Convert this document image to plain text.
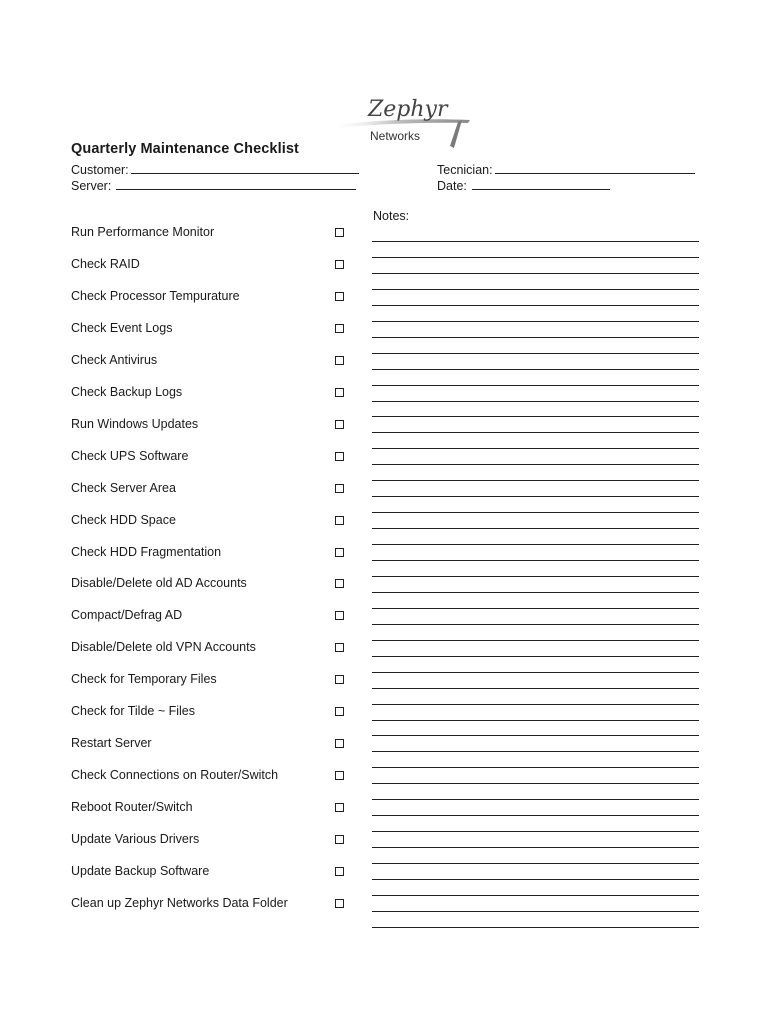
Zephyr
Networks
Quarterly Maintenance Checklist
Customer:
Server:
Tecnician:
Date:
Notes:
Run Performance Monitor
Check RAID
Check Processor Tempurature
Check Event Logs
Check Antivirus
Check Backup Logs
Run Windows Updates
Check UPS Software
Check Server Area
Check HDD Space
Check HDD Fragmentation
Disable/Delete old AD Accounts
Compact/Defrag AD
Disable/Delete old VPN Accounts
Check for Temporary Files
Check for Tilde ~ Files
Restart Server
Check Connections on Router/Switch
Reboot Router/Switch
Update Various Drivers
Update Backup Software
Clean up Zephyr Networks Data Folder
